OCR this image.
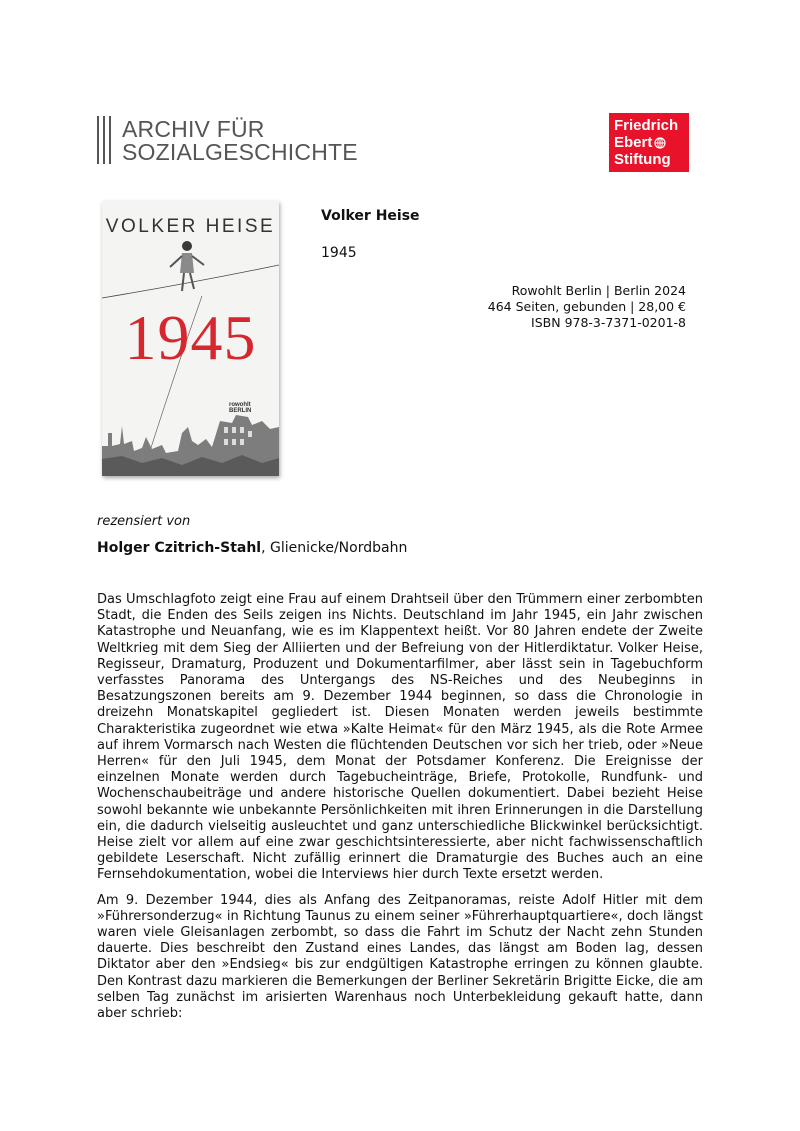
ARCHIV FÜR
SOZIALGESCHICHTE
Friedrich
Ebert
Stiftung
VOLKER HEISE
1945
rowohlt
BERLIN
Volker Heise
1945
Rowohlt Berlin | Berlin 2024
464 Seiten, gebunden | 28,00 €
ISBN 978-3-7371-0201-8
rezensiert von
Holger Czitrich-Stahl, Glienicke/Nordbahn

Das Umschlagfoto zeigt eine Frau auf einem Drahtseil über den Trümmern einer zerbombten Stadt, die Enden des Seils zeigen ins Nichts. Deutschland im Jahr 1945, ein Jahr zwischen Katastrophe und Neuanfang, wie es im Klappentext heißt. Vor 80 Jahren endete der Zweite Weltkrieg mit dem Sieg der Alliierten und der Befreiung von der Hitlerdiktatur. Volker Heise, Regisseur, Dramaturg, Produzent und Dokumentarfilmer, aber lässt sein in Tagebuchform verfasstes Panorama des Untergangs des NS-Reiches und des Neubeginns in Besatzungszonen bereits am 9. Dezember 1944 beginnen, so dass die Chronologie in dreizehn Monatskapitel gegliedert ist. Diesen Monaten werden jeweils bestimmte Charakteristika zugeordnet wie etwa »Kalte Heimat« für den März 1945, als die Rote Armee auf ihrem Vormarsch nach Westen die flüchtenden Deutschen vor sich her trieb, oder »Neue Herren« für den Juli 1945, dem Monat der Potsdamer Konferenz. Die Ereignisse der einzelnen Monate werden durch Tagebucheinträge, Briefe, Protokolle, Rundfunk- und Wochenschaubeiträge und andere historische Quellen dokumentiert. Dabei bezieht Heise sowohl bekannte wie unbekannte Persönlichkeiten mit ihren Erinnerungen in die Darstellung ein, die dadurch vielseitig ausleuchtet und ganz unterschiedliche Blickwinkel berücksichtigt. Heise zielt vor allem auf eine zwar geschichtsinteressierte, aber nicht fachwissenschaftlich gebildete Leserschaft. Nicht zufällig erinnert die Dramaturgie des Buches auch an eine Fernsehdokumentation, wobei die Interviews hier durch Texte ersetzt werden.

Am 9. Dezember 1944, dies als Anfang des Zeitpanoramas, reiste Adolf Hitler mit dem »Führersonderzug« in Richtung Taunus zu einem seiner »Führerhauptquartiere«, doch längst waren viele Gleisanlagen zerbombt, so dass die Fahrt im Schutz der Nacht zehn Stunden dauerte. Dies beschreibt den Zustand eines Landes, das längst am Boden lag, dessen Diktator aber den »Endsieg« bis zur endgültigen Katastrophe erringen zu können glaubte. Den Kontrast dazu markieren die Bemerkungen der Berliner Sekretärin Brigitte Eicke, die am selben Tag zunächst im arisierten Warenhaus noch Unterbekleidung gekauft hatte, dann aber schrieb:
